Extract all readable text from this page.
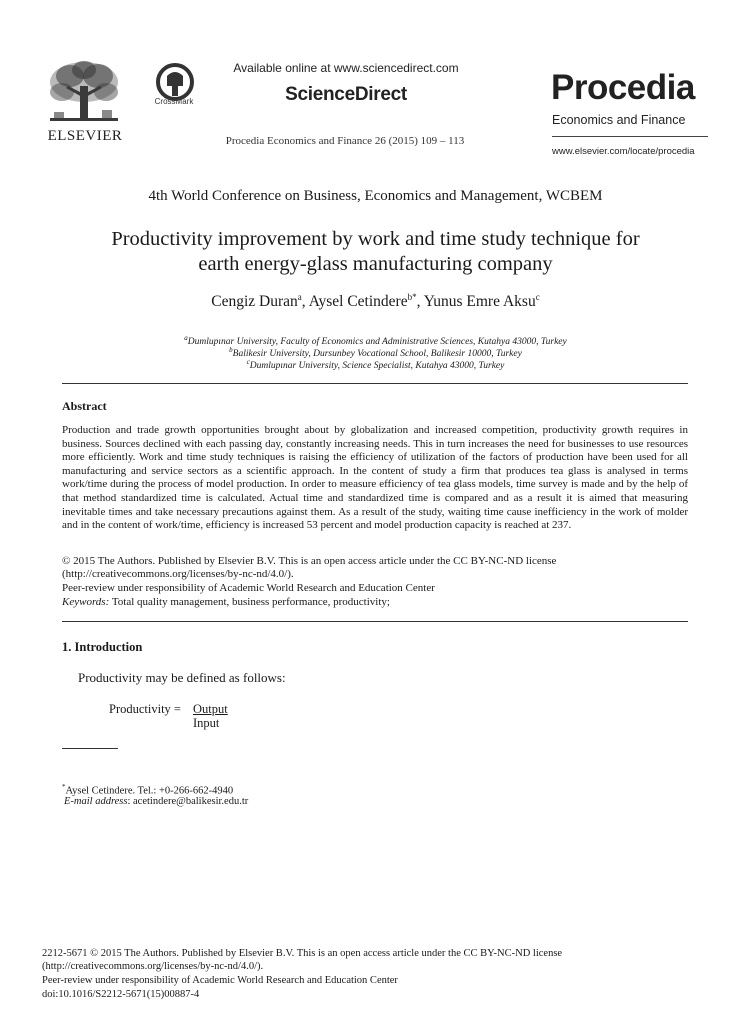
ELSEVIER
CrossMark
Available online at www.sciencedirect.com
ScienceDirect
Procedia Economics and Finance 26 (2015) 109 – 113
Procedia
Economics and Finance
www.elsevier.com/locate/procedia
4th World Conference on Business, Economics and Management, WCBEM
Productivity improvement by work and time study technique for
earth energy-glass manufacturing company
Cengiz Duran$^a$, Aysel Cetindere$^{b*}$, Yunus Emre Aksu$^c$
$^a$Dumlupınar University, Faculty of Economics and Administrative Sciences, Kutahya 43000, Turkey
$^b$Balikesir University, Dursunbey Vocational School, Balikesir 10000, Turkey
$^c$Dumlupınar University, Science Specialist, Kutahya 43000, Turkey
Abstract
Production and trade growth opportunities brought about by globalization and increased competition, productivity growth requires in business. Sources declined with each passing day, constantly increasing needs. This in turn increases the need for businesses to use resources more efficiently. Work and time study techniques is raising the efficiency of utilization of the factors of production have been used for all manufacturing and service sectors as a scientific approach. In the content of study a firm that produces tea glass is analysed in terms work/time during the process of model production. In order to measure efficiency of tea glass models, time survey is made and by the help of that method standardized time is calculated. Actual time and standardized time is compared and as a result it is aimed that measuring inevitable times and take necessary precautions against them. As a result of the study, waiting time cause inefficiency in the work of molder and in the content of work/time, efficiency is increased 53 percent and model production capacity is reached at 237.
© 2015 The Authors. Published by Elsevier B.V. This is an open access article under the CC BY-NC-ND license
(http://creativecommons.org/licenses/by-nc-nd/4.0/).
Peer-review under responsibility of Academic World Research and Education Center
Keywords: Total quality management, business performance, productivity;
1. Introduction
Productivity may be defined as follows:
Productivity = Output
Input
*Aysel Cetindere. Tel.: +0-266-662-4940
E-mail address: acetindere@balikesir.edu.tr
2212-5671 © 2015 The Authors. Published by Elsevier B.V. This is an open access article under the CC BY-NC-ND license
(http://creativecommons.org/licenses/by-nc-nd/4.0/).
Peer-review under responsibility of Academic World Research and Education Center
doi:10.1016/S2212-5671(15)00887-4
